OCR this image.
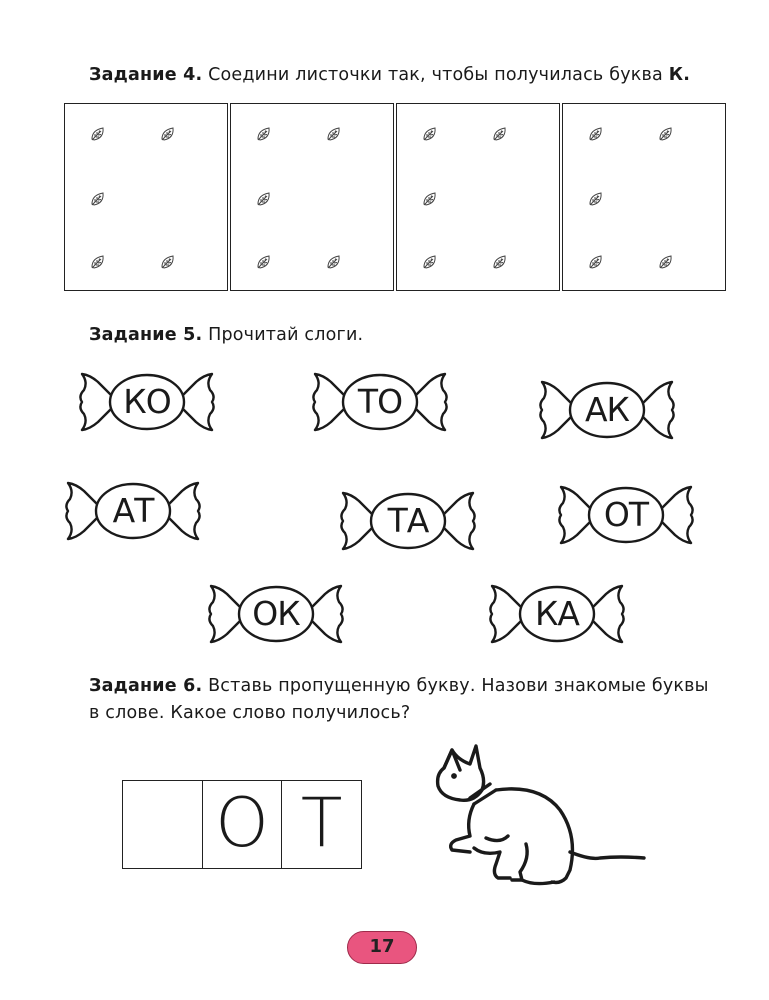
Задание 4. Соедини листочки так, чтобы получилась буква К.
Задание 5. Прочитай слоги.
КО	ТО	АК
АТ	ТА	ОТ
ОК	КА
Задание 6. Вставь пропущенную букву. Назови знакомые буквы в слове. Какое слово получилось?
О Т
17
